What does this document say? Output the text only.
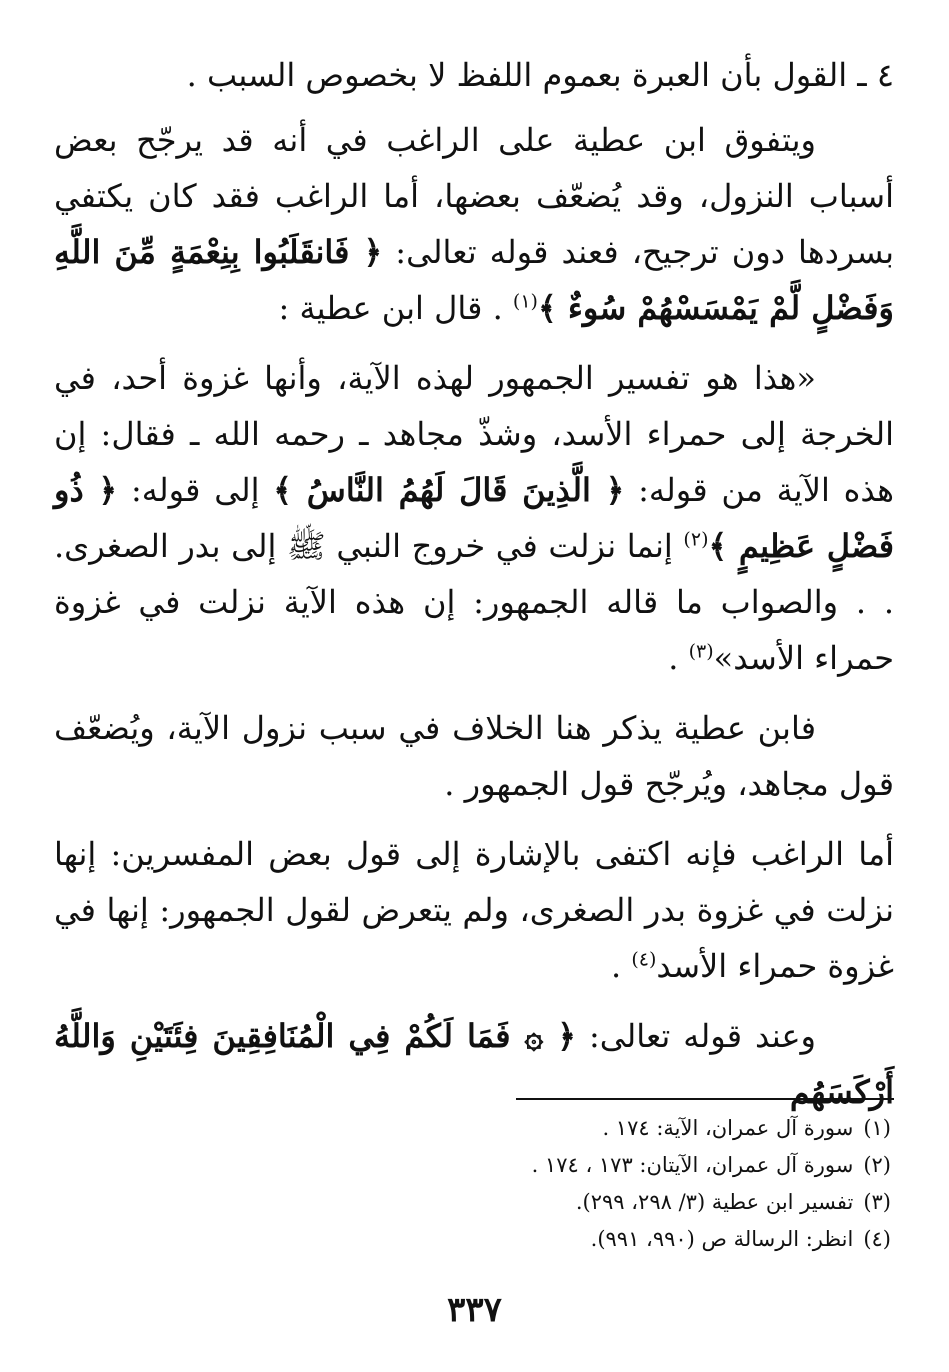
٤ ـ القول بأن العبرة بعموم اللفظ لا بخصوص السبب .

ويتفوق ابن عطية على الراغب في أنه قد يرجّح بعض أسباب النزول، وقد يُضعّف بعضها، أما الراغب فقد كان يكتفي بسردها دون ترجيح، فعند قوله تعالى: ﴿ فَانقَلَبُوا بِنِعْمَةٍ مِّنَ اللَّهِ وَفَضْلٍ لَّمْ يَمْسَسْهُمْ سُوءٌ ﴾$^{(١)}$ . قال ابن عطية :

«هذا هو تفسير الجمهور لهذه الآية، وأنها غزوة أحد، في الخرجة إلى حمراء الأسد، وشذّ مجاهد ـ رحمه الله ـ فقال: إن هذه الآية من قوله: ﴿ الَّذِينَ قَالَ لَهُمُ النَّاسُ ﴾ إلى قوله: ﴿ ذُو فَضْلٍ عَظِيمٍ ﴾$^{(٢)}$ إنما نزلت في خروج النبي ﷺ إلى بدر الصغرى. . . والصواب ما قاله الجمهور: إن هذه الآية نزلت في غزوة حمراء الأسد»$^{(٣)}$ .

فابن عطية يذكر هنا الخلاف في سبب نزول الآية، ويُضعّف قول مجاهد، ويُرجّح قول الجمهور .

أما الراغب فإنه اكتفى بالإشارة إلى قول بعض المفسرين: إنها نزلت في غزوة بدر الصغرى، ولم يتعرض لقول الجمهور: إنها في غزوة حمراء الأسد$^{(٤)}$ .

وعند قوله تعالى: ﴿ ۞ فَمَا لَكُمْ فِي الْمُنَافِقِينَ فِئَتَيْنِ وَاللَّهُ أَرْكَسَهُم

(١)سورة آل عمران، الآية: ١٧٤ .
(٢)سورة آل عمران، الآيتان: ١٧٣ ، ١٧٤ .
(٣)تفسير ابن عطية (٣/ ٢٩٨، ٢٩٩).
(٤)انظر: الرسالة ص (٩٩٠، ٩٩١).
٣٣٧
